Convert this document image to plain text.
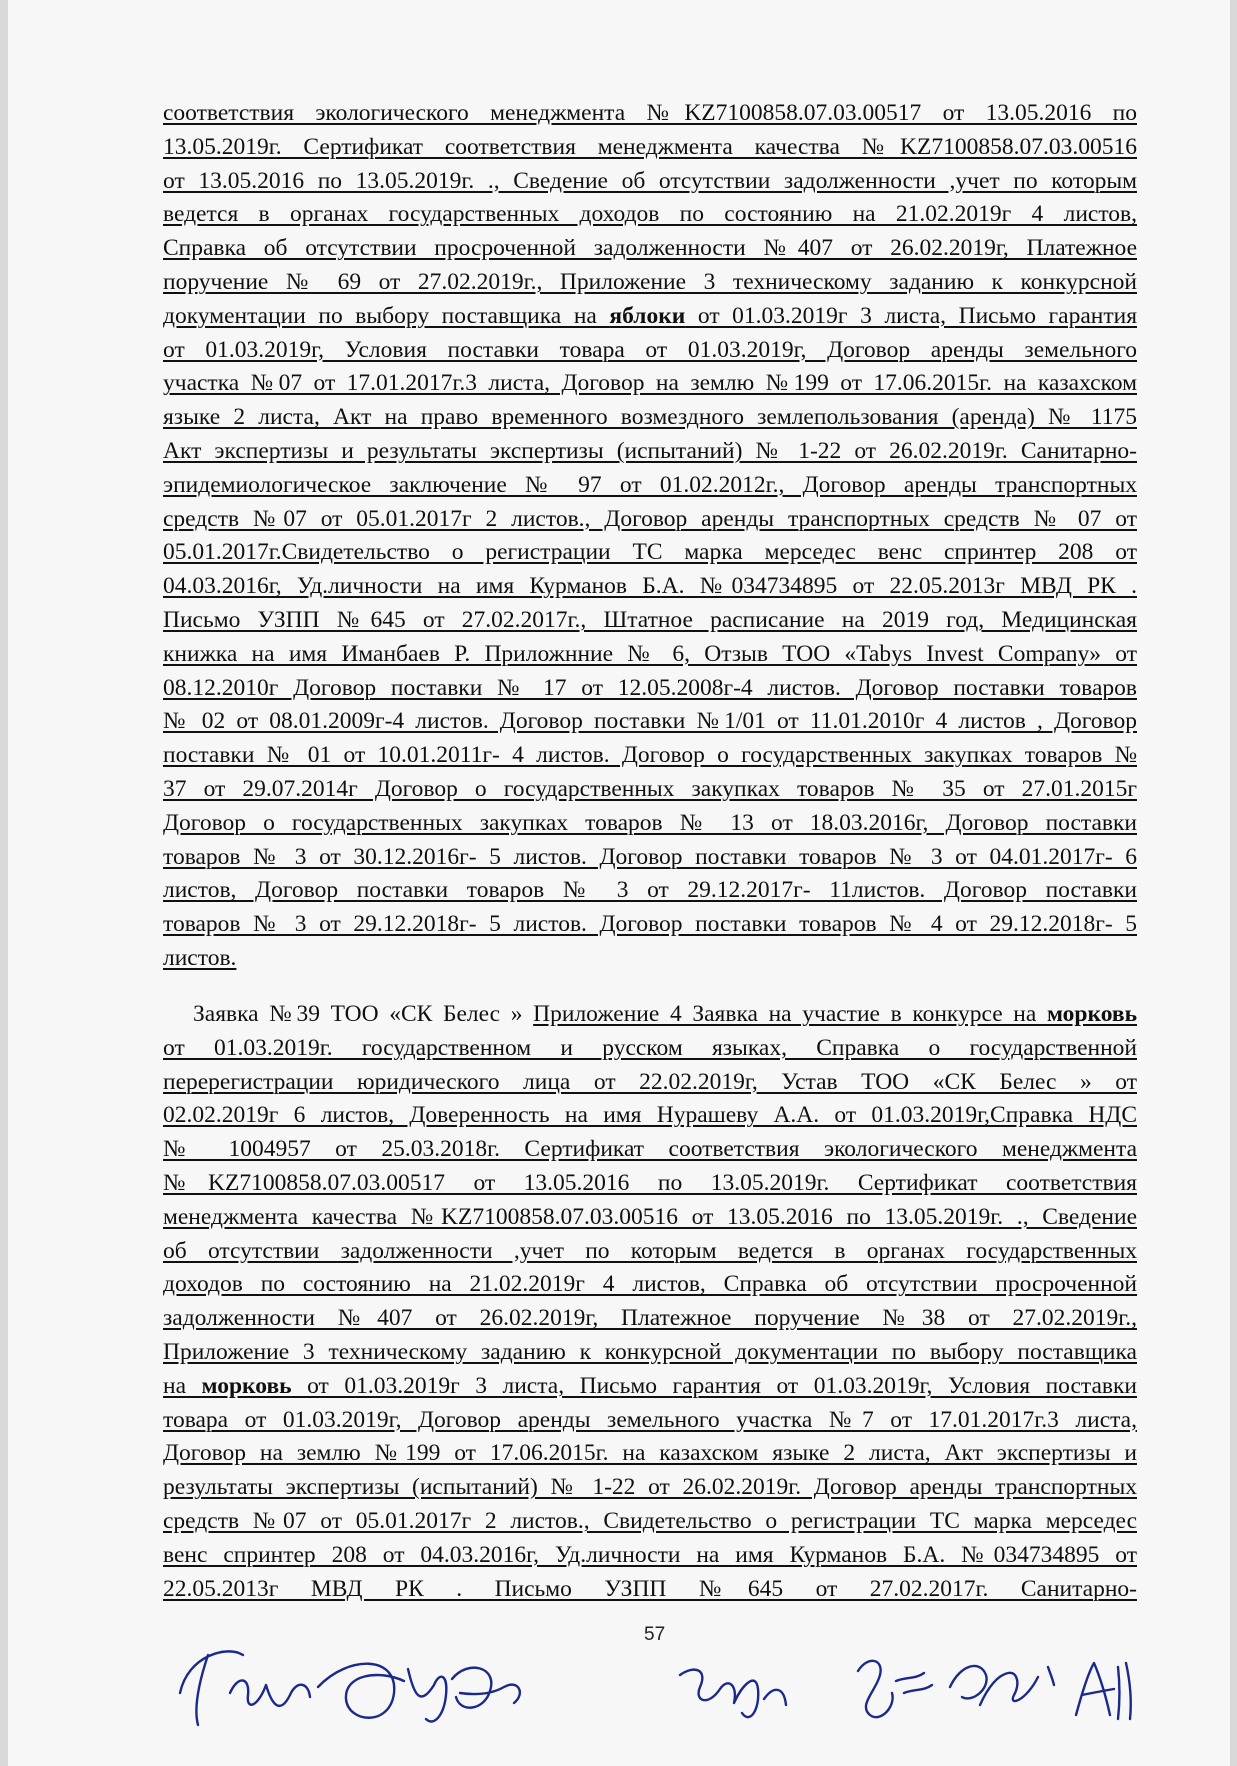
соответствия экологического менеджмента №KZ7100858.07.03.00517 от 13.05.2016 по
13.05.2019г. Сертификат соответствия менеджмента качества №KZ7100858.07.03.00516
от 13.05.2016 по 13.05.2019г. ., Сведение об отсутствии задолженности ,учет по которым
ведется в органах государственных доходов по состоянию на 21.02.2019г 4 листов,
Справка об отсутствии просроченной задолженности №407 от 26.02.2019г, Платежное
поручение № 69 от 27.02.2019г., Приложение 3 техническому заданию к конкурсной
документации по выбору поставщика на яблоки от 01.03.2019г 3 листа, Письмо гарантия
от 01.03.2019г, Условия поставки товара от 01.03.2019г, Договор аренды земельного
участка №07 от 17.01.2017г.3 листа, Договор на землю №199 от 17.06.2015г. на казахском
языке 2 листа, Акт на право временного возмездного землепользования (аренда) № 1175
Акт экспертизы и результаты экспертизы (испытаний) № 1-22 от 26.02.2019г. Санитарно-
эпидемиологическое заключение № 97 от 01.02.2012г., Договор аренды транспортных
средств №07 от 05.01.2017г 2 листов., Договор аренды транспортных средств № 07 от
05.01.2017г.Свидетельство о регистрации ТС марка мерседес венс спринтер 208 от
04.03.2016г, Уд.личности на имя Курманов Б.А. №034734895 от 22.05.2013г МВД РК .
Письмо УЗПП №645 от 27.02.2017г., Штатное расписание на 2019 год, Медицинская
книжка на имя Иманбаев Р. Приложнние № 6, Отзыв ТОО «Tabys Invest Company» от
08.12.2010г Договор поставки № 17 от 12.05.2008г-4 листов. Договор поставки товаров
№ 02 от 08.01.2009г-4 листов. Договор поставки №1/01 от 11.01.2010г 4 листов , Договор
поставки № 01 от 10.01.2011г- 4 листов. Договор о государственных закупках товаров №
37 от 29.07.2014г Договор о государственных закупках товаров № 35 от 27.01.2015г
Договор о государственных закупках товаров № 13 от 18.03.2016г, Договор поставки
товаров № 3 от 30.12.2016г- 5 листов. Договор поставки товаров № 3 от 04.01.2017г- 6
листов, Договор поставки товаров № 3 от 29.12.2017г- 11листов. Договор поставки
товаров № 3 от 29.12.2018г- 5 листов. Договор поставки товаров № 4 от 29.12.2018г- 5
листов.
Заявка №39 ТОО «СК Белес » Приложение 4 Заявка на участие в конкурсе на морковь
от 01.03.2019г. государственном и русском языках, Справка о государственной
перерегистрации юридического лица от 22.02.2019г, Устав ТОО «СК Белес » от
02.02.2019г 6 листов, Доверенность на имя Нурашеву А.А. от 01.03.2019г,Справка НДС
№ 1004957 от 25.03.2018г. Сертификат соответствия экологического менеджмента
№KZ7100858.07.03.00517 от 13.05.2016 по 13.05.2019г. Сертификат соответствия
менеджмента качества №KZ7100858.07.03.00516 от 13.05.2016 по 13.05.2019г. ., Сведение
об отсутствии задолженности ,учет по которым ведется в органах государственных
доходов по состоянию на 21.02.2019г 4 листов, Справка об отсутствии просроченной
задолженности №407 от 26.02.2019г, Платежное поручение №38 от 27.02.2019г.,
Приложение 3 техническому заданию к конкурсной документации по выбору поставщика
на морковь от 01.03.2019г 3 листа, Письмо гарантия от 01.03.2019г, Условия поставки
товара от 01.03.2019г, Договор аренды земельного участка №7 от 17.01.2017г.3 листа,
Договор на землю №199 от 17.06.2015г. на казахском языке 2 листа, Акт экспертизы и
результаты экспертизы (испытаний) № 1-22 от 26.02.2019г. Договор аренды транспортных
средств №07 от 05.01.2017г 2 листов., Свидетельство о регистрации ТС марка мерседес
венс спринтер 208 от 04.03.2016г, Уд.личности на имя Курманов Б.А. №034734895 от
22.05.2013г МВД РК . Письмо УЗПП №645 от 27.02.2017г. Санитарно-
57
